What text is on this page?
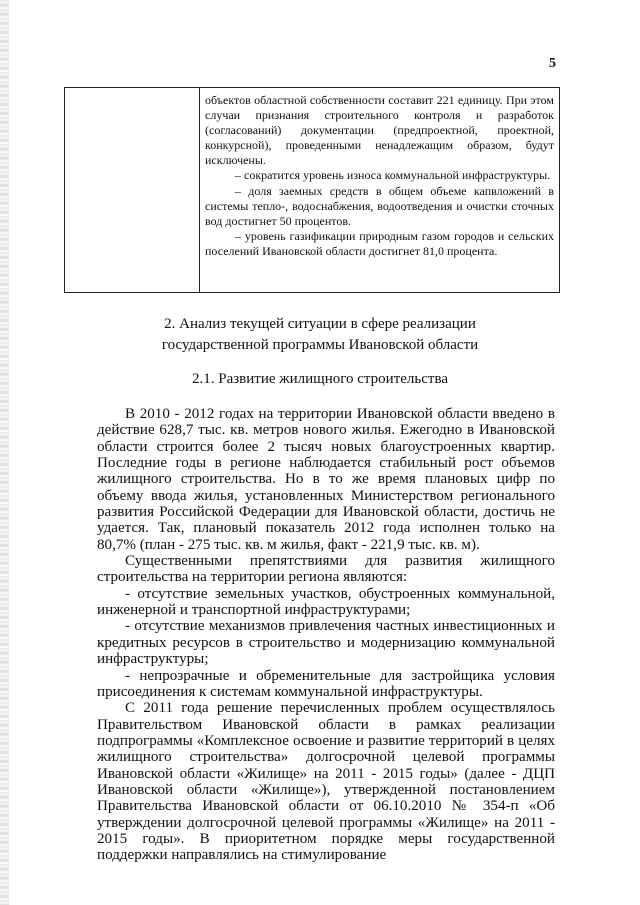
5

объектов областной собственности составит 221 единицу. При этом случаи признания строительного контроля и разработок (согласований) документации (предпроектной, проектной, конкурсной), проведенными ненадлежащим образом, будут исключены.

– сократится уровень износа коммунальной инфраструктуры.

– доля заемных средств в общем объеме капвложений в системы тепло-, водоснабжения, водоотведения и очистки сточных вод достигнет 50 процентов.

– уровень газификации природным газом городов и сельских поселений Ивановской области достигнет 81,0 процента.

2. Анализ текущей ситуации в сфере реализации
государственной программы Ивановской области
2.1. Развитие жилищного строительства

В 2010 - 2012 годах на территории Ивановской области введено в действие 628,7 тыс. кв. метров нового жилья. Ежегодно в Ивановской области строится более 2 тысяч новых благоустроенных квартир. Последние годы в регионе наблюдается стабильный рост объемов жилищного строительства. Но в то же время плановых цифр по объему ввода жилья, установленных Министерством регионального развития Российской Федерации для Ивановской области, достичь не удается. Так, плановый показатель 2012 года исполнен только на 80,7% (план - 275 тыс. кв. м жилья, факт - 221,9 тыс. кв. м).

Существенными препятствиями для развития жилищного строительства на территории региона являются:

- отсутствие земельных участков, обустроенных коммунальной, инженерной и транспортной инфраструктурами;

- отсутствие механизмов привлечения частных инвестиционных и кредитных ресурсов в строительство и модернизацию коммунальной инфраструктуры;

- непрозрачные и обременительные для застройщика условия присоединения к системам коммунальной инфраструктуры.

С 2011 года решение перечисленных проблем осуществлялось Правительством Ивановской области в рамках реализации подпрограммы «Комплексное освоение и развитие территорий в целях жилищного строительства» долгосрочной целевой программы Ивановской области «Жилище» на 2011 - 2015 годы» (далее - ДЦП Ивановской области «Жилище»), утвержденной постановлением Правительства Ивановской области от 06.10.2010 № 354-п «Об утверждении долгосрочной целевой программы «Жилище» на 2011 - 2015 годы». В приоритетном порядке меры государственной поддержки направлялись на стимулирование
